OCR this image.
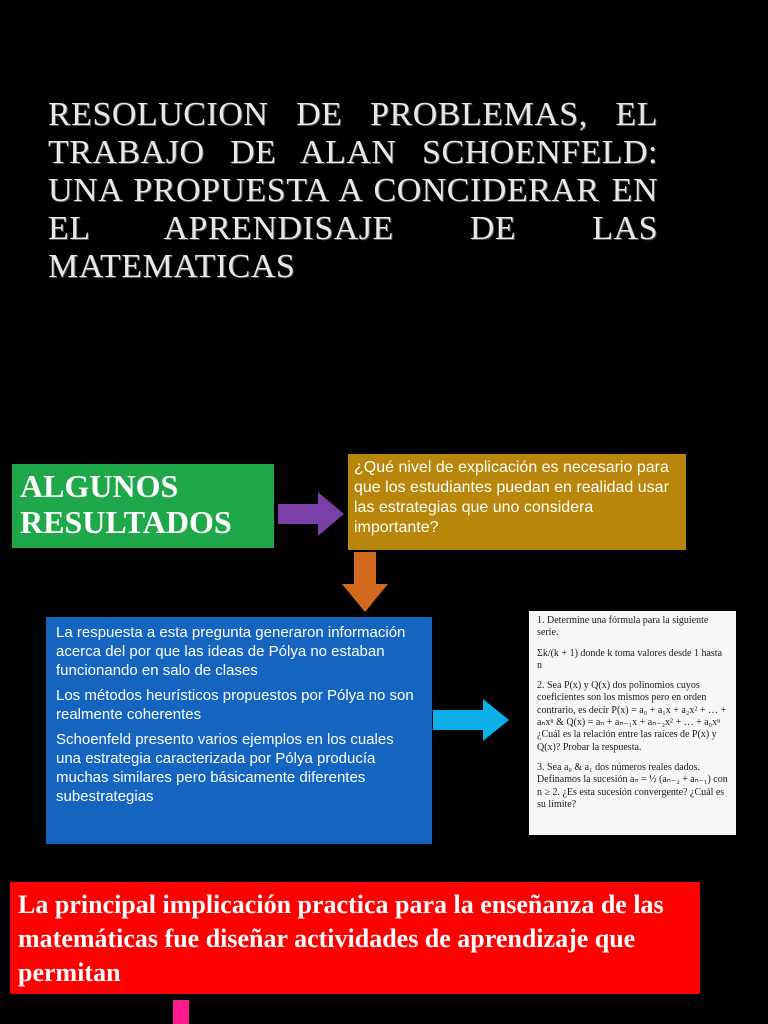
RESOLUCION DE PROBLEMAS, EL TRABAJO DE ALAN SCHOENFELD: UNA PROPUESTA A CONCIDERAR EN EL APRENDISAJE DE LAS MATEMATICAS
ALGUNOS
RESULTADOS
¿Qué nivel de explicación es necesario para que los estudiantes puedan en realidad usar las estrategias que uno considera importante?

La respuesta a esta pregunta generaron información acerca del por que las ideas de Pólya no estaban funcionando en salo de clases

Los métodos heurísticos propuestos por Pólya no son realmente coherentes

Schoenfeld presento varios ejemplos en los cuales una estrategia caracterizada por Pólya producía muchas similares pero básicamente diferentes subestrategias

1. Determine una fórmula para la siguiente serie.

Σk/(k + 1) donde k toma valores desde 1 hasta n

2. Sea P(x) y Q(x) dos polinomios cuyos coeficientes son los mismos pero en orden contrario, es decir P(x) = a₀ + a₁x + a₂x² + … + aₙxⁿ & Q(x) = aₙ + aₙ₋₁x + aₙ₋₂x² + … + a₀xⁿ ¿Cuál es la relación entre las raíces de P(x) y Q(x)? Probar la respuesta.

3. Sea a₀ & a₁ dos números reales dados. Definamos la sucesión aₙ = ½ (aₙ₋₂ + aₙ₋₁) con n ≥ 2. ¿Es esta sucesión convergente? ¿Cuál es su límite?

La principal implicación practica para la enseñanza de las matemáticas fue diseñar actividades de aprendizaje que permitan
